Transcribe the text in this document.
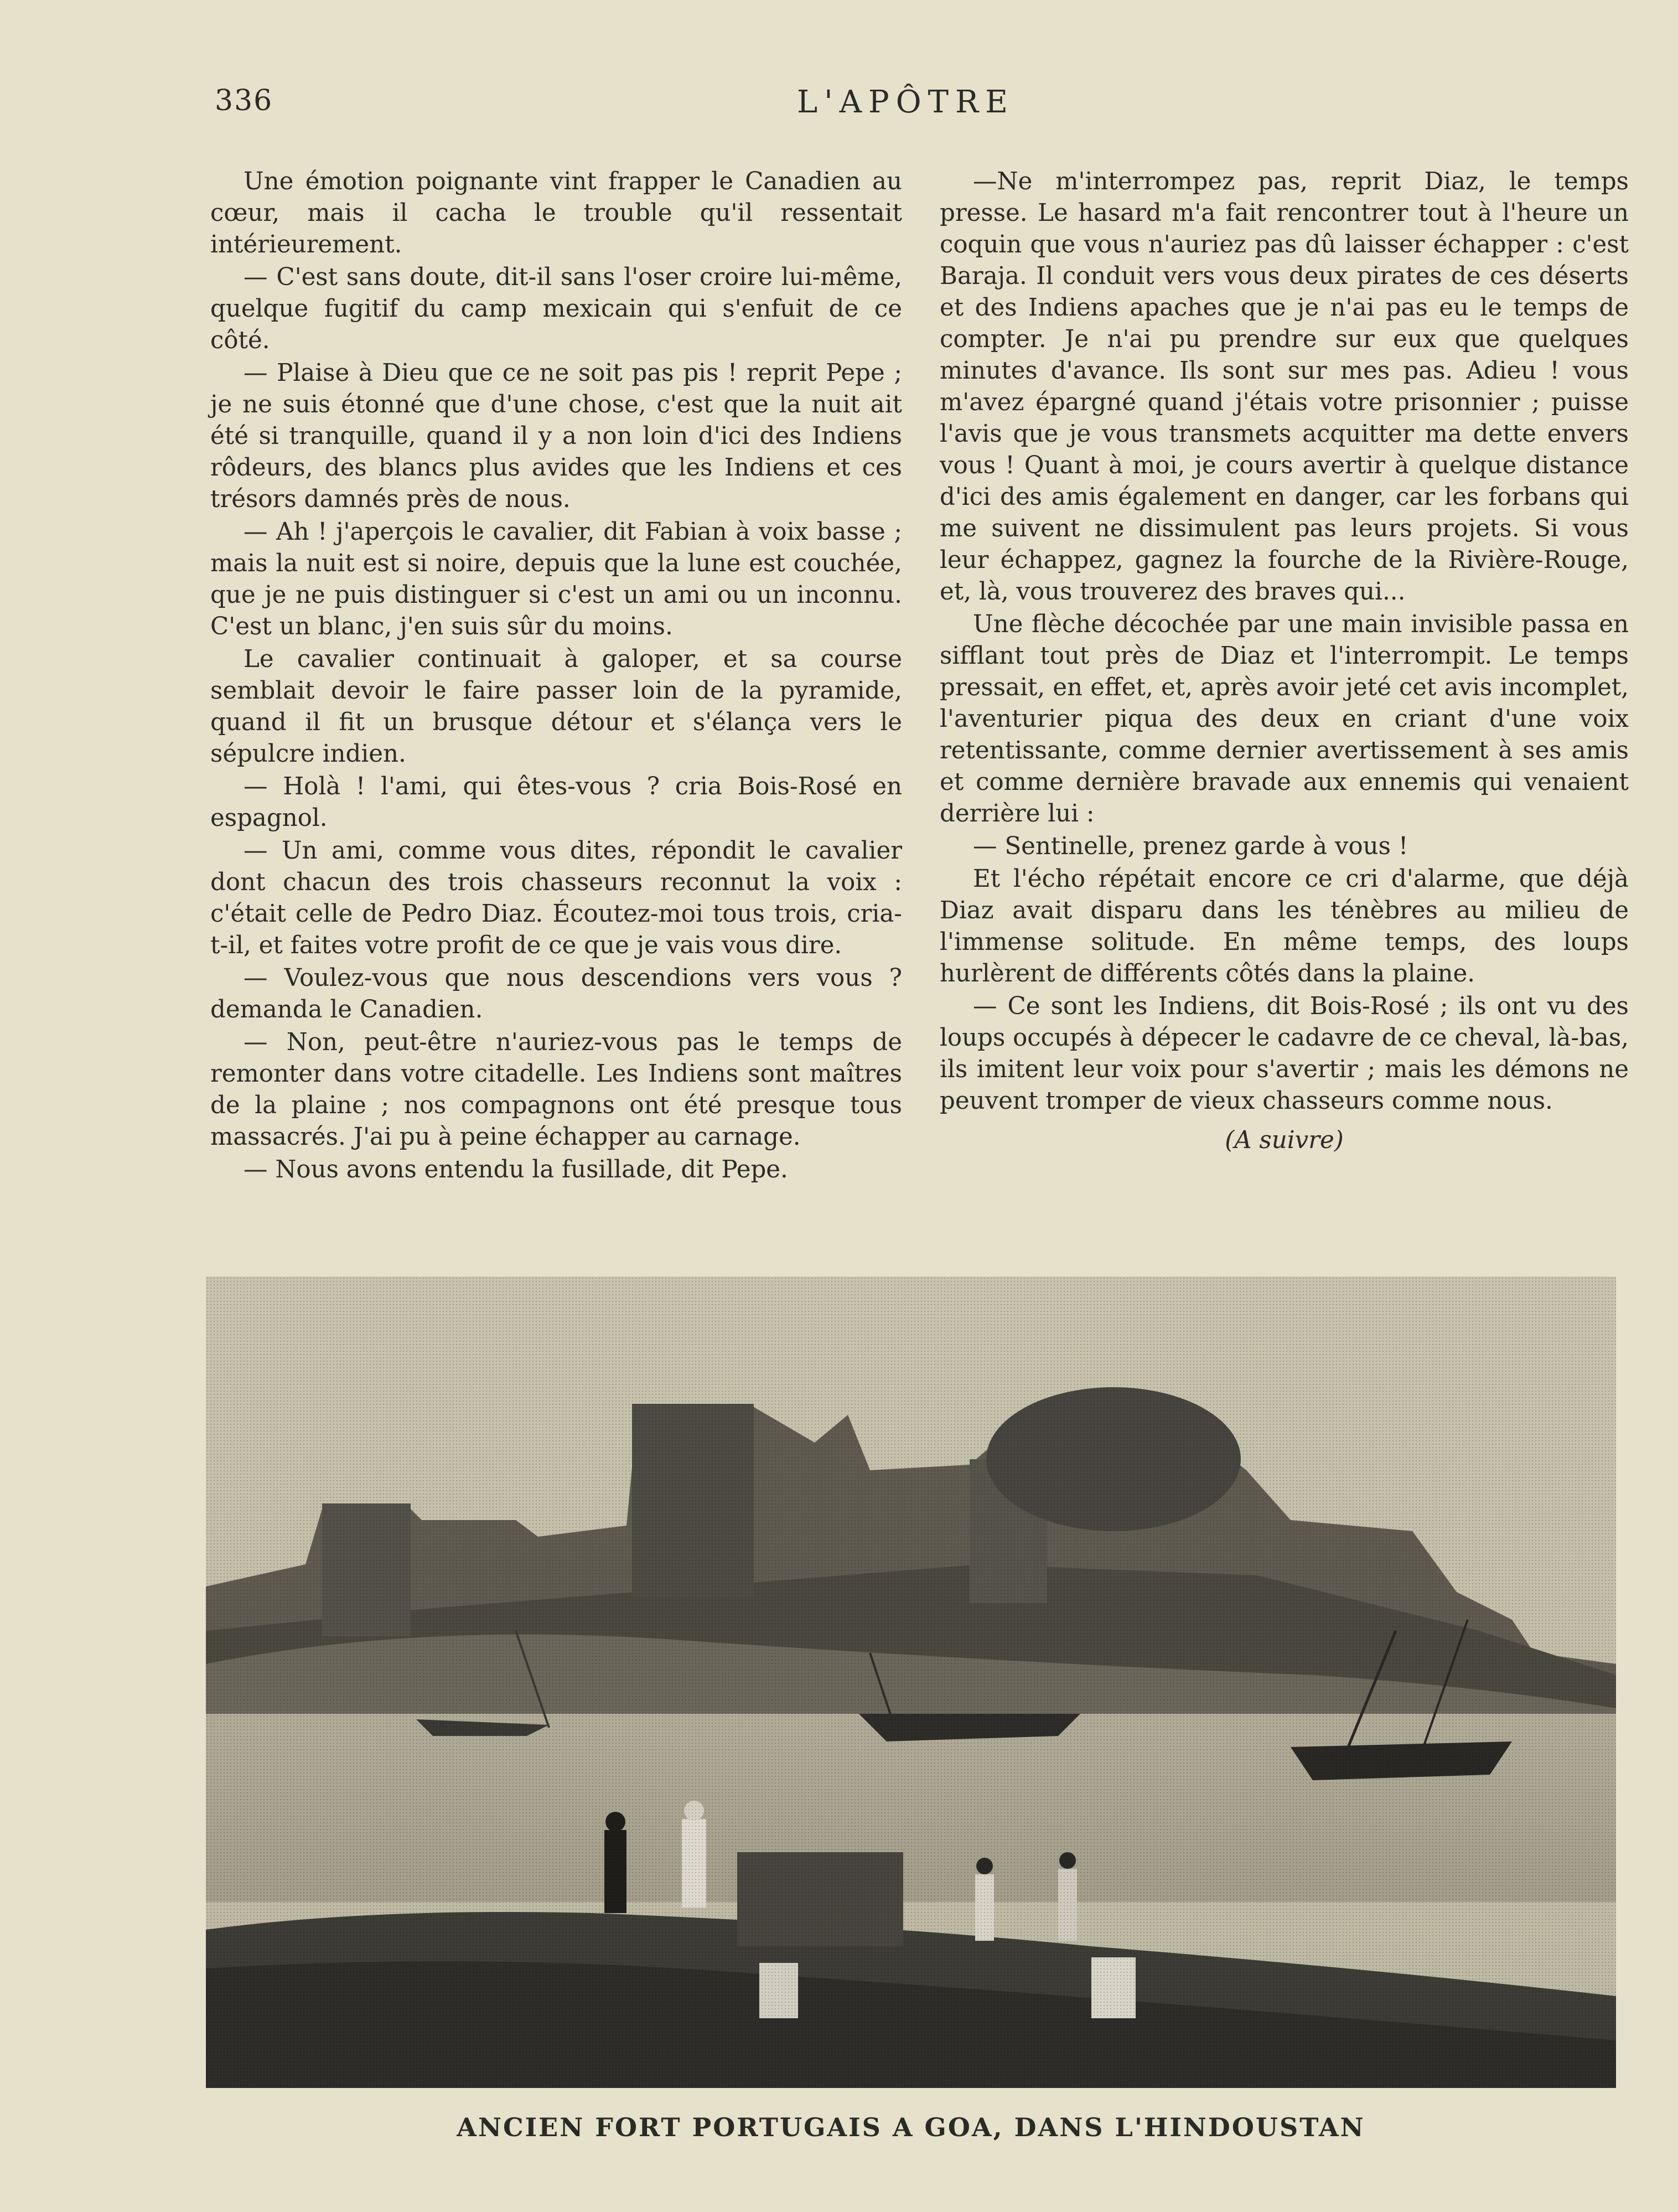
336	L'APÔTRE

Une émotion poignante vint frapper le Canadien au cœur, mais il cacha le trouble qu'il ressentait intérieurement.

— C'est sans doute, dit-il sans l'oser croire lui-même, quelque fugitif du camp mexicain qui s'enfuit de ce côté.

— Plaise à Dieu que ce ne soit pas pis ! reprit Pepe ; je ne suis étonné que d'une chose, c'est que la nuit ait été si tranquille, quand il y a non loin d'ici des Indiens rôdeurs, des blancs plus avides que les Indiens et ces trésors damnés près de nous.

— Ah ! j'aperçois le cavalier, dit Fabian à voix basse ; mais la nuit est si noire, depuis que la lune est couchée, que je ne puis distinguer si c'est un ami ou un inconnu. C'est un blanc, j'en suis sûr du moins.

Le cavalier continuait à galoper, et sa course semblait devoir le faire passer loin de la pyramide, quand il fit un brusque détour et s'élança vers le sépulcre indien.

— Holà ! l'ami, qui êtes-vous ? cria Bois-Rosé en espagnol.

— Un ami, comme vous dites, répondit le cavalier dont chacun des trois chasseurs reconnut la voix : c'était celle de Pedro Diaz. Écoutez-moi tous trois, cria-t-il, et faites votre profit de ce que je vais vous dire.

— Voulez-vous que nous descendions vers vous ? demanda le Canadien.

— Non, peut-être n'auriez-vous pas le temps de remonter dans votre citadelle. Les Indiens sont maîtres de la plaine ; nos compagnons ont été presque tous massacrés. J'ai pu à peine échapper au carnage.

— Nous avons entendu la fusillade, dit Pepe.

—Ne m'interrompez pas, reprit Diaz, le temps presse. Le hasard m'a fait rencontrer tout à l'heure un coquin que vous n'auriez pas dû laisser échapper : c'est Baraja. Il conduit vers vous deux pirates de ces déserts et des Indiens apaches que je n'ai pas eu le temps de compter. Je n'ai pu prendre sur eux que quelques minutes d'avance. Ils sont sur mes pas. Adieu ! vous m'avez épargné quand j'étais votre prisonnier ; puisse l'avis que je vous transmets acquitter ma dette envers vous ! Quant à moi, je cours avertir à quelque distance d'ici des amis également en danger, car les forbans qui me suivent ne dissimulent pas leurs projets. Si vous leur échappez, gagnez la fourche de la Rivière-Rouge, et, là, vous trouverez des braves qui...

Une flèche décochée par une main invisible passa en sifflant tout près de Diaz et l'interrompit. Le temps pressait, en effet, et, après avoir jeté cet avis incomplet, l'aventurier piqua des deux en criant d'une voix retentissante, comme dernier avertissement à ses amis et comme dernière bravade aux ennemis qui venaient derrière lui :

— Sentinelle, prenez garde à vous !

Et l'écho répétait encore ce cri d'alarme, que déjà Diaz avait disparu dans les ténèbres au milieu de l'immense solitude. En même temps, des loups hurlèrent de différents côtés dans la plaine.

— Ce sont les Indiens, dit Bois-Rosé ; ils ont vu des loups occupés à dépecer le cadavre de ce cheval, là-bas, ils imitent leur voix pour s'avertir ; mais les démons ne peuvent tromper de vieux chasseurs comme nous.

(A suivre)

ANCIEN FORT PORTUGAIS A GOA, DANS L'HINDOUSTAN
